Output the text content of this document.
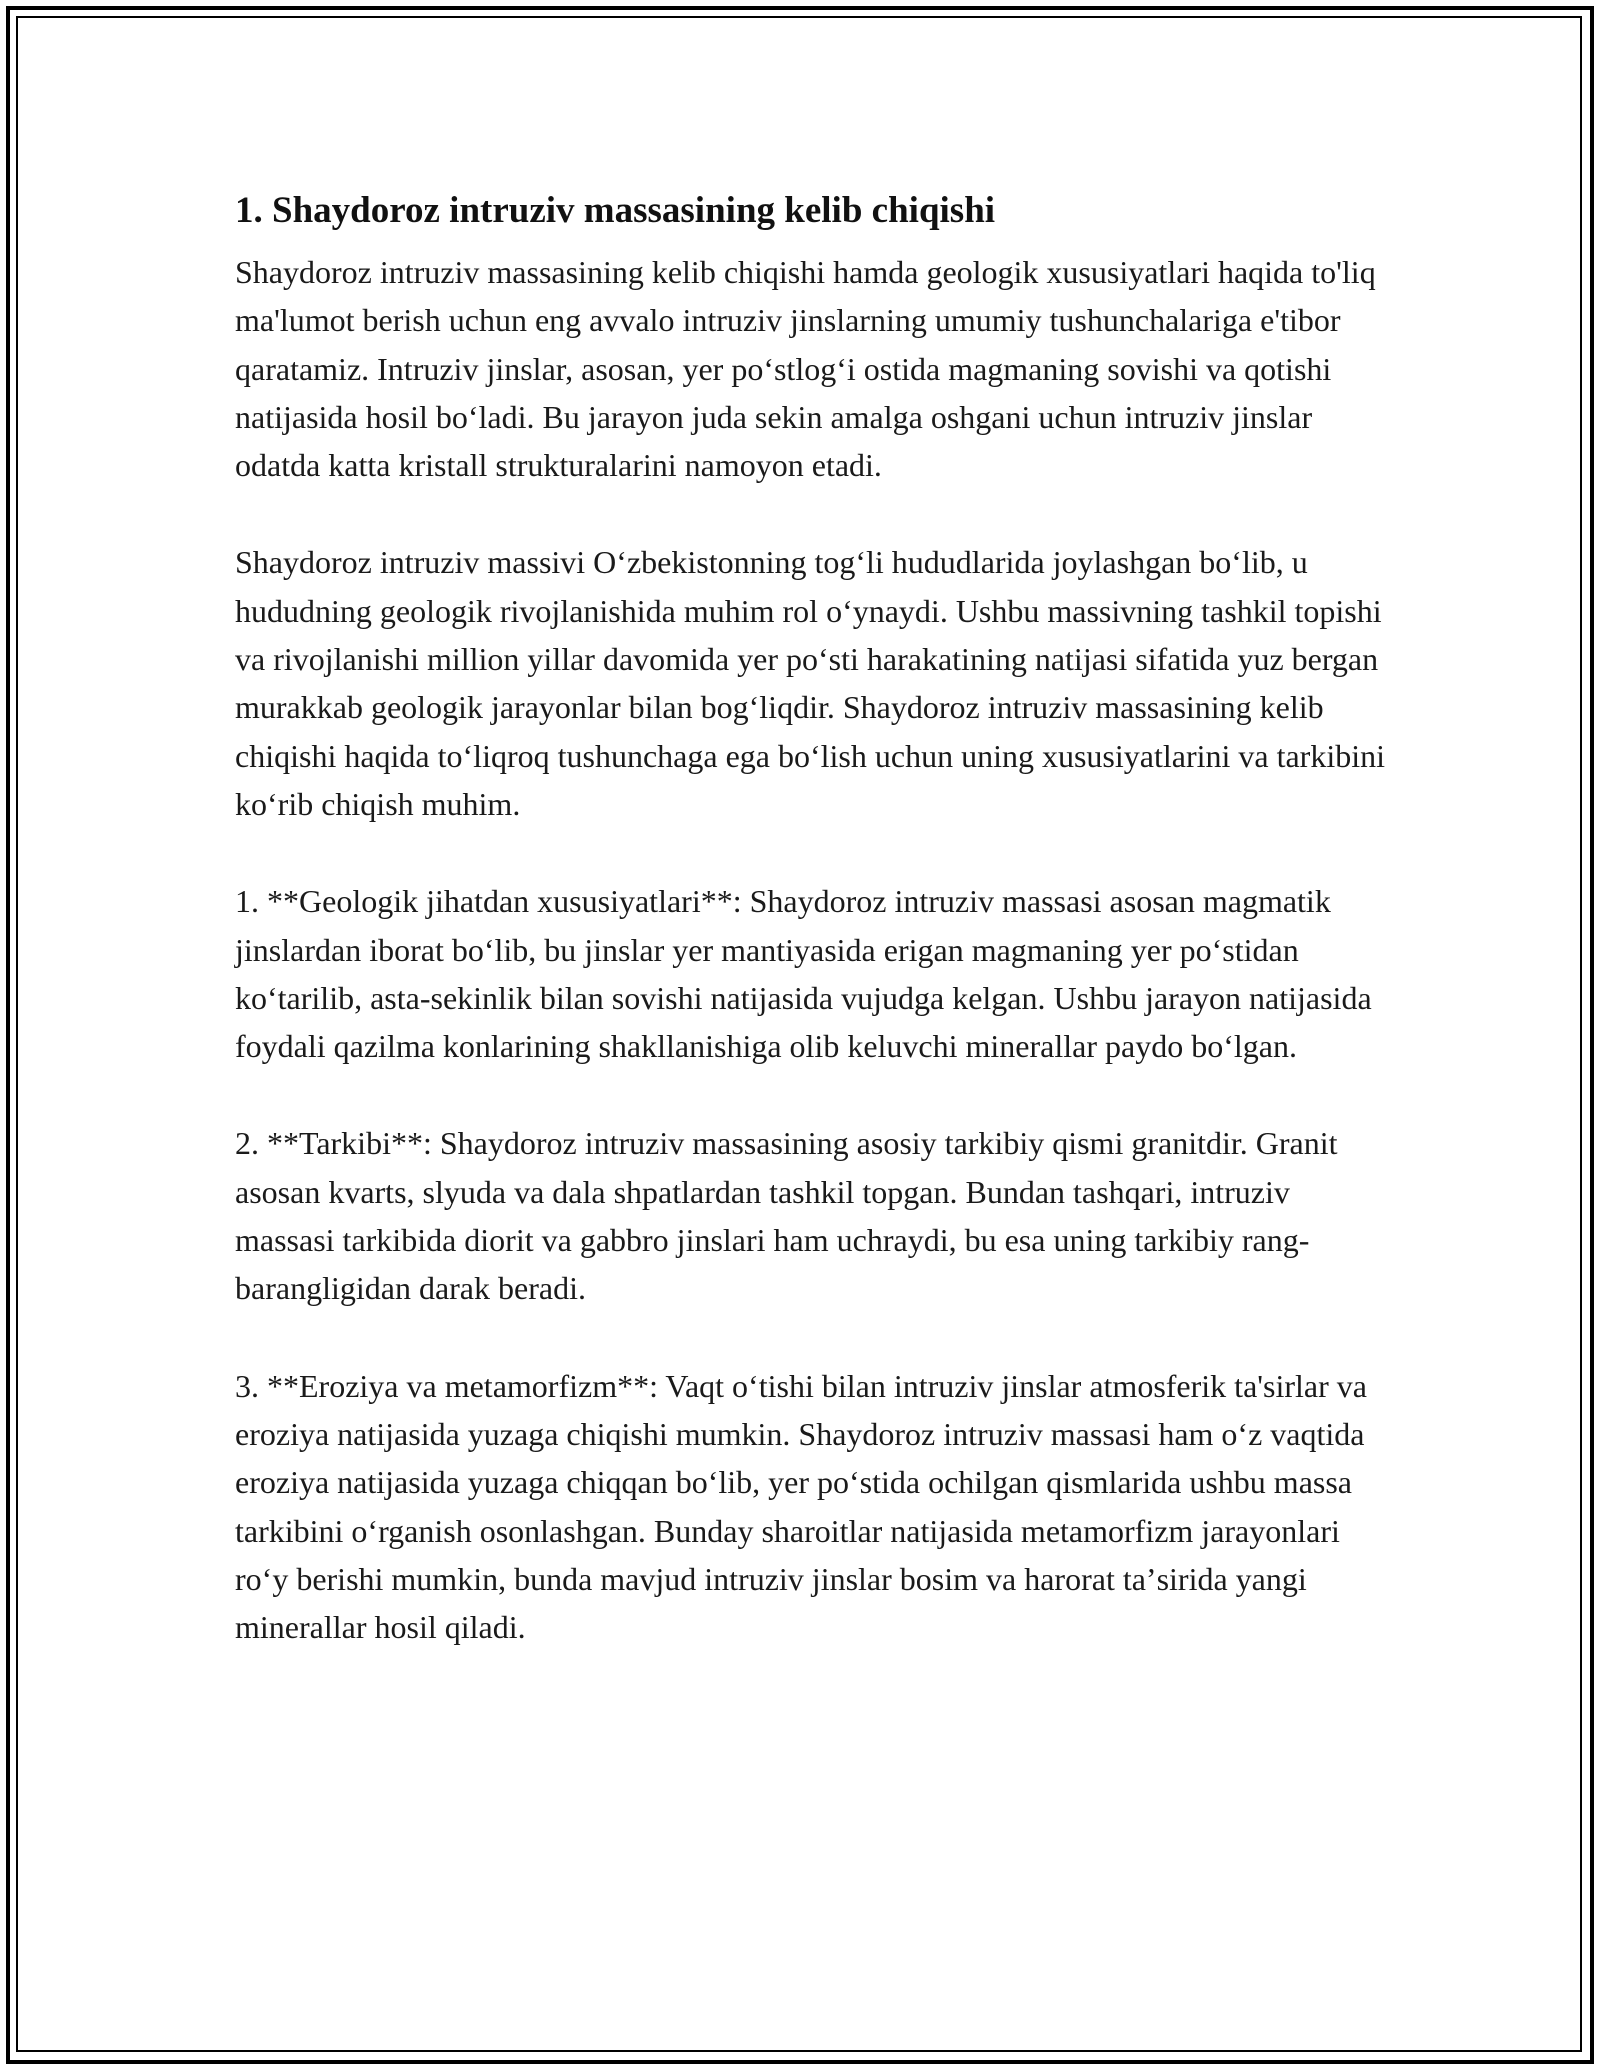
1. Shaydoroz intruziv massasining kelib chiqishi

Shaydoroz intruziv massasining kelib chiqishi hamda geologik xususiyatlari haqida to'liq ma'lumot berish uchun eng avvalo intruziv jinslarning umumiy tushunchalariga e'tibor qaratamiz. Intruziv jinslar, asosan, yer poʻstlogʻi ostida magmaning sovishi va qotishi natijasida hosil boʻladi. Bu jarayon juda sekin amalga oshgani uchun intruziv jinslar odatda katta kristall strukturalarini namoyon etadi.

Shaydoroz intruziv massivi Oʻzbekistonning togʻli hududlarida joylashgan boʻlib, u hududning geologik rivojlanishida muhim rol oʻynaydi. Ushbu massivning tashkil topishi va rivojlanishi million yillar davomida yer poʻsti harakatining natijasi sifatida yuz bergan murakkab geologik jarayonlar bilan bogʻliqdir. Shaydoroz intruziv massasining kelib chiqishi haqida toʻliqroq tushunchaga ega boʻlish uchun uning xususiyatlarini va tarkibini koʻrib chiqish muhim.

1. **Geologik jihatdan xususiyatlari**: Shaydoroz intruziv massasi asosan magmatik jinslardan iborat boʻlib, bu jinslar yer mantiyasida erigan magmaning yer poʻstidan koʻtarilib, asta-sekinlik bilan sovishi natijasida vujudga kelgan. Ushbu jarayon natijasida foydali qazilma konlarining shakllanishiga olib keluvchi minerallar paydo boʻlgan.

2. **Tarkibi**: Shaydoroz intruziv massasining asosiy tarkibiy qismi granitdir. Granit asosan kvarts, slyuda va dala shpatlardan tashkil topgan. Bundan tashqari, intruziv massasi tarkibida diorit va gabbro jinslari ham uchraydi, bu esa uning tarkibiy rang-barangligidan darak beradi.

3. **Eroziya va metamorfizm**: Vaqt oʻtishi bilan intruziv jinslar atmosferik ta'sirlar va eroziya natijasida yuzaga chiqishi mumkin. Shaydoroz intruziv massasi ham oʻz vaqtida eroziya natijasida yuzaga chiqqan boʻlib, yer poʻstida ochilgan qismlarida ushbu massa tarkibini oʻrganish osonlashgan. Bunday sharoitlar natijasida metamorfizm jarayonlari roʻy berishi mumkin, bunda mavjud intruziv jinslar bosim va harorat taʼsirida yangi minerallar hosil qiladi.
